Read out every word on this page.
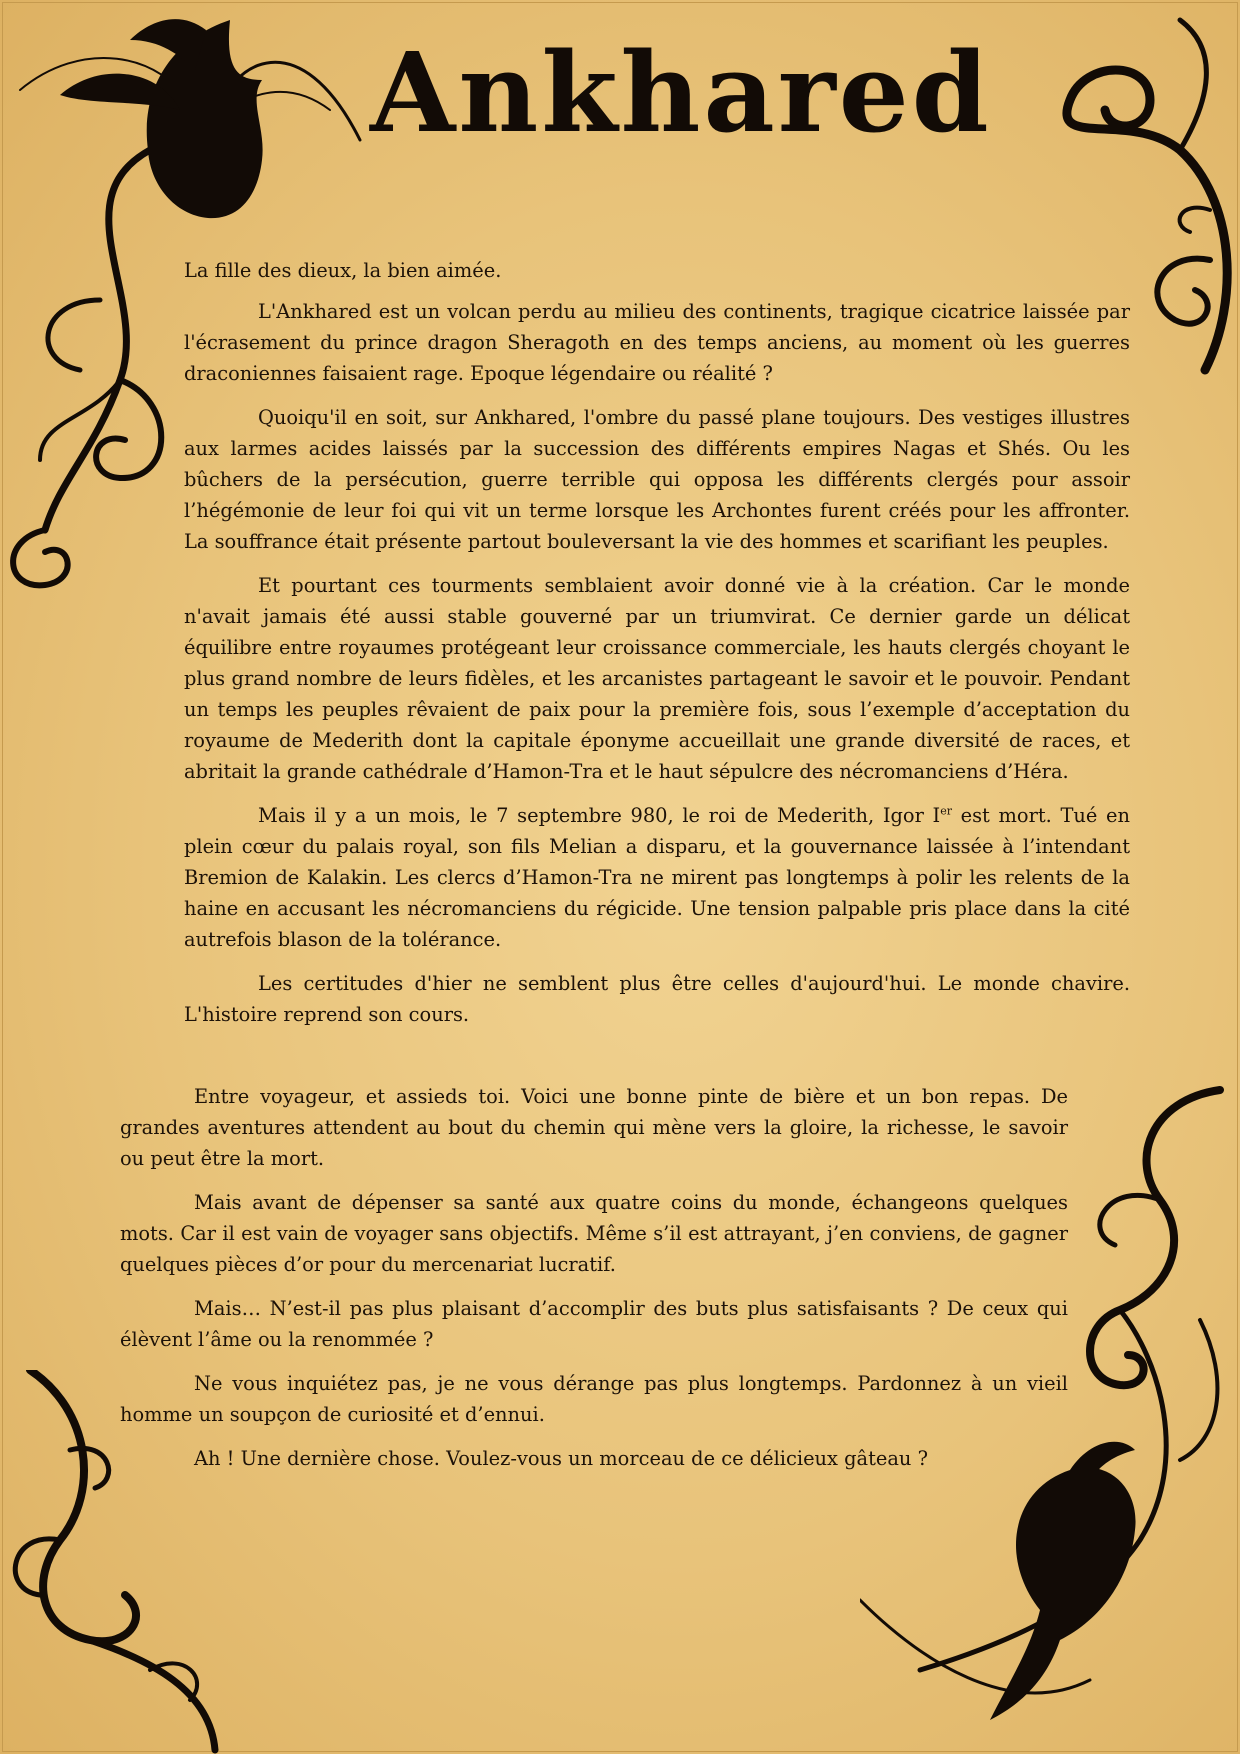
Ankhared

La fille des dieux, la bien aimée.

L'Ankhared est un volcan perdu au milieu des continents, tragique cicatrice laissée par l'écrasement du prince dragon Sheragoth en des temps anciens, au moment où les guerres draconiennes faisaient rage. Epoque légendaire ou réalité ?

Quoiqu'il en soit, sur Ankhared, l'ombre du passé plane toujours. Des vestiges illustres aux larmes acides laissés par la succession des différents empires Nagas et Shés. Ou les bûchers de la persécution, guerre terrible qui opposa les différents clergés pour assoir l’hégémonie de leur foi qui vit un terme lorsque les Archontes furent créés pour les affronter. La souffrance était présente partout bouleversant la vie des hommes et scarifiant les peuples.

Et pourtant ces tourments semblaient avoir donné vie à la création. Car le monde n'avait jamais été aussi stable gouverné par un triumvirat. Ce dernier garde un délicat équilibre entre royaumes protégeant leur croissance commerciale, les hauts clergés choyant le plus grand nombre de leurs fidèles, et les arcanistes partageant le savoir et le pouvoir. Pendant un temps les peuples rêvaient de paix pour la première fois, sous l’exemple d’acceptation du royaume de Mederith dont la capitale éponyme accueillait une grande diversité de races, et abritait la grande cathédrale d’Hamon-Tra et le haut sépulcre des nécromanciens d’Héra.

Mais il y a un mois, le 7 septembre 980, le roi de Mederith, Igor Ier est mort. Tué en plein cœur du palais royal, son fils Melian a disparu, et la gouvernance laissée à l’intendant Bremion de Kalakin. Les clercs d’Hamon-Tra ne mirent pas longtemps à polir les relents de la haine en accusant les nécromanciens du régicide. Une tension palpable pris place dans la cité autrefois blason de la tolérance.

Les certitudes d'hier ne semblent plus être celles d'aujourd'hui. Le monde chavire. L'histoire reprend son cours.

Entre voyageur, et assieds toi. Voici une bonne pinte de bière et un bon repas. De grandes aventures attendent au bout du chemin qui mène vers la gloire, la richesse, le savoir ou peut être la mort.

Mais avant de dépenser sa santé aux quatre coins du monde, échangeons quelques mots. Car il est vain de voyager sans objectifs. Même s’il est attrayant, j’en conviens, de gagner quelques pièces d’or pour du mercenariat lucratif.

Mais… N’est-il pas plus plaisant d’accomplir des buts plus satisfaisants ? De ceux qui élèvent l’âme ou la renommée ?

Ne vous inquiétez pas, je ne vous dérange pas plus longtemps. Pardonnez à un vieil homme un soupçon de curiosité et d’ennui.

Ah ! Une dernière chose. Voulez-vous un morceau de ce délicieux gâteau ?
